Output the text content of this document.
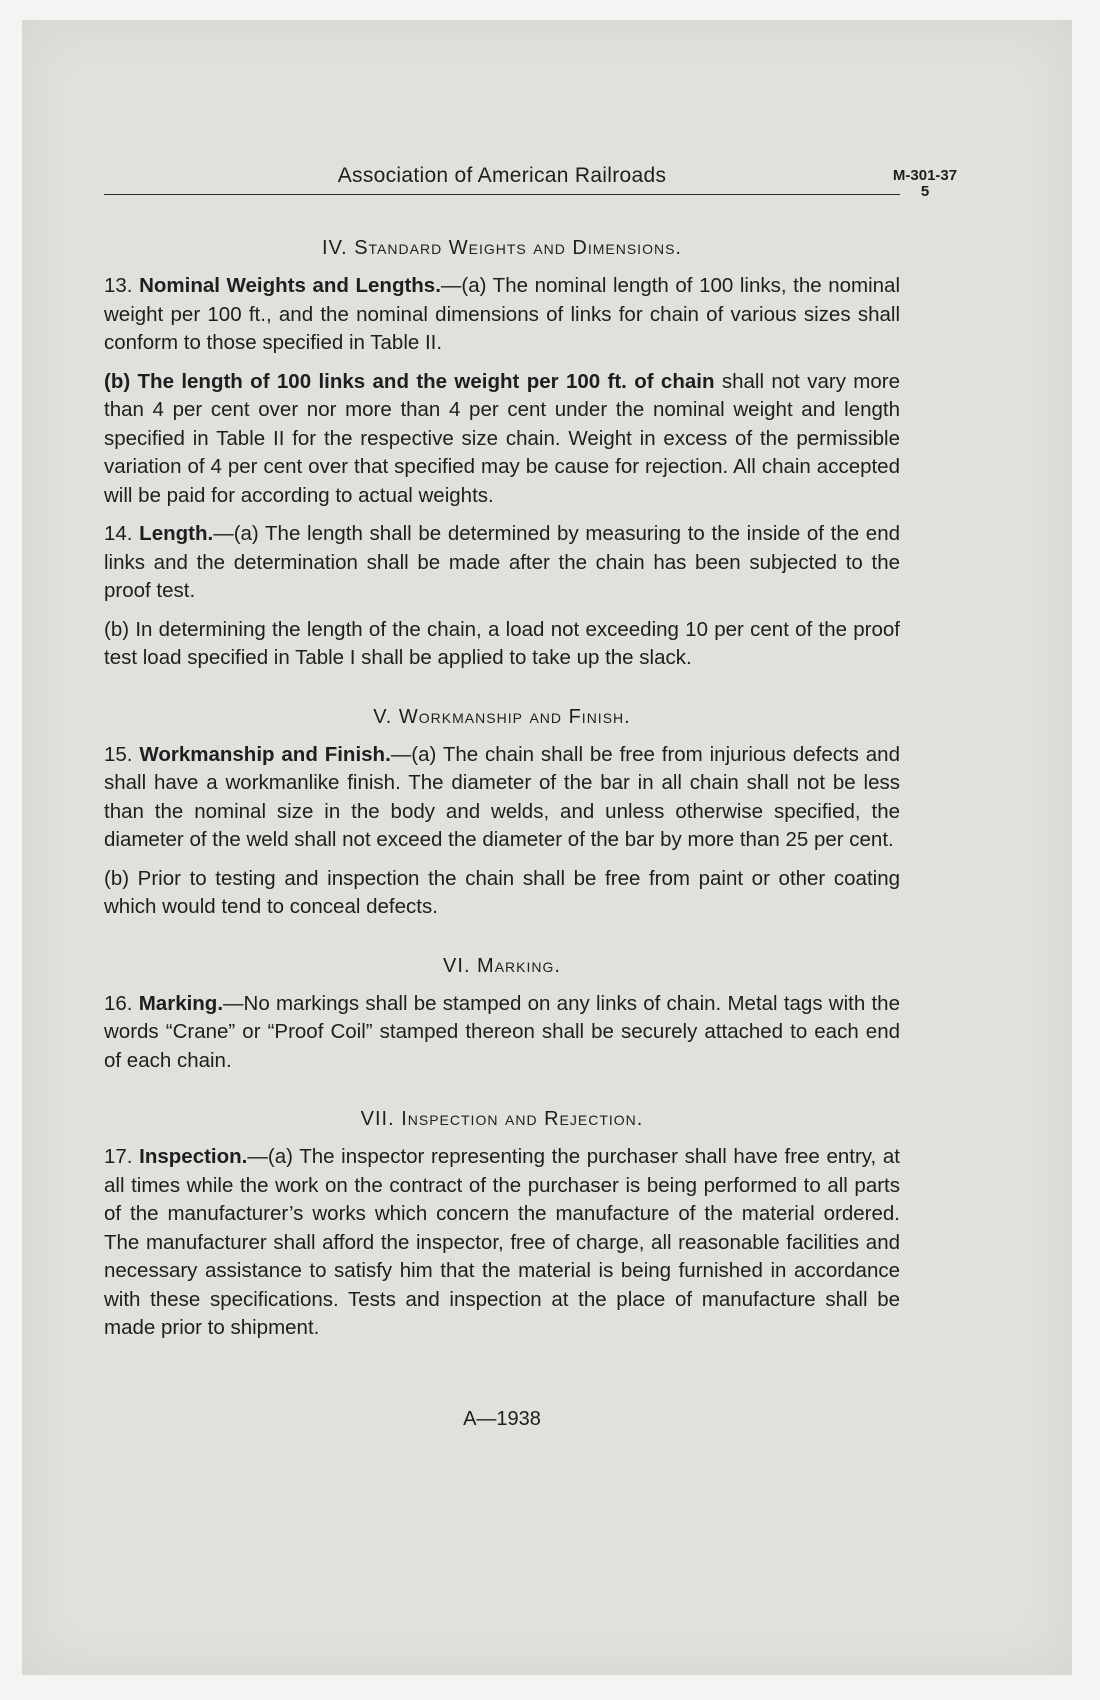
Association of American Railroads	M-301-37
5

IV. Standard Weights and Dimensions.

13. Nominal Weights and Lengths.—(a) The nominal length of 100 links, the nominal weight per 100 ft., and the nominal dimensions of links for chain of various sizes shall conform to those specified in Table II.

(b) The length of 100 links and the weight per 100 ft. of chain shall not vary more than 4 per cent over nor more than 4 per cent under the nominal weight and length specified in Table II for the respective size chain. Weight in excess of the permissible variation of 4 per cent over that specified may be cause for rejection. All chain accepted will be paid for according to actual weights.

14. Length.—(a) The length shall be determined by measuring to the inside of the end links and the determination shall be made after the chain has been subjected to the proof test.

(b) In determining the length of the chain, a load not exceeding 10 per cent of the proof test load specified in Table I shall be applied to take up the slack.

V. Workmanship and Finish.

15. Workmanship and Finish.—(a) The chain shall be free from injurious defects and shall have a workmanlike finish. The diameter of the bar in all chain shall not be less than the nominal size in the body and welds, and unless otherwise specified, the diameter of the weld shall not exceed the diameter of the bar by more than 25 per cent.

(b) Prior to testing and inspection the chain shall be free from paint or other coating which would tend to conceal defects.

VI. Marking.

16. Marking.—No markings shall be stamped on any links of chain. Metal tags with the words “Crane” or “Proof Coil” stamped thereon shall be securely attached to each end of each chain.

VII. Inspection and Rejection.

17. Inspection.—(a) The inspector representing the purchaser shall have free entry, at all times while the work on the contract of the purchaser is being performed to all parts of the manufacturer’s works which concern the manufacture of the material ordered. The manufacturer shall afford the inspector, free of charge, all reasonable facilities and necessary assistance to satisfy him that the material is being furnished in accordance with these specifications. Tests and inspection at the place of manufacture shall be made prior to shipment.

A—1938
